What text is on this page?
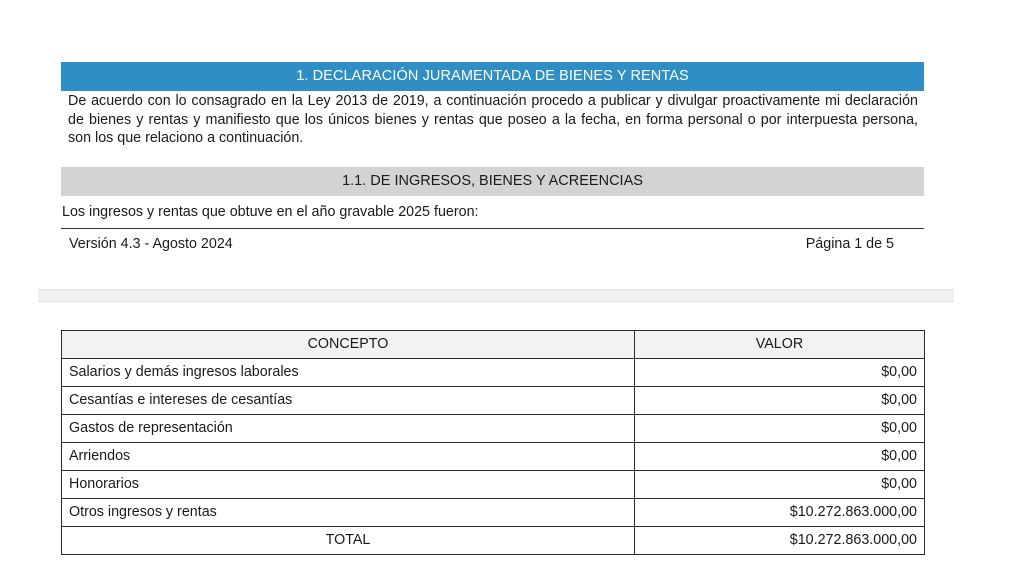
1. DECLARACIÓN JURAMENTADA DE BIENES Y RENTAS
De acuerdo con lo consagrado en la Ley 2013 de 2019, a continuación procedo a publicar y divulgar proactivamente mi declaración de bienes y rentas y manifiesto que los únicos bienes y rentas que poseo a la fecha, en forma personal o por interpuesta persona, son los que relaciono a continuación.
1.1. DE INGRESOS, BIENES Y ACREENCIAS
Los ingresos y rentas que obtuve en el año gravable 2025 fueron:
Versión 4.3 - Agosto 2024	Página 1 de 5
CONCEPTO	VALOR
Salarios y demás ingresos laborales	$0,00
Cesantías e intereses de cesantías	$0,00
Gastos de representación	$0,00
Arriendos	$0,00
Honorarios	$0,00
Otros ingresos y rentas	$10.272.863.000,00
TOTAL	$10.272.863.000,00
